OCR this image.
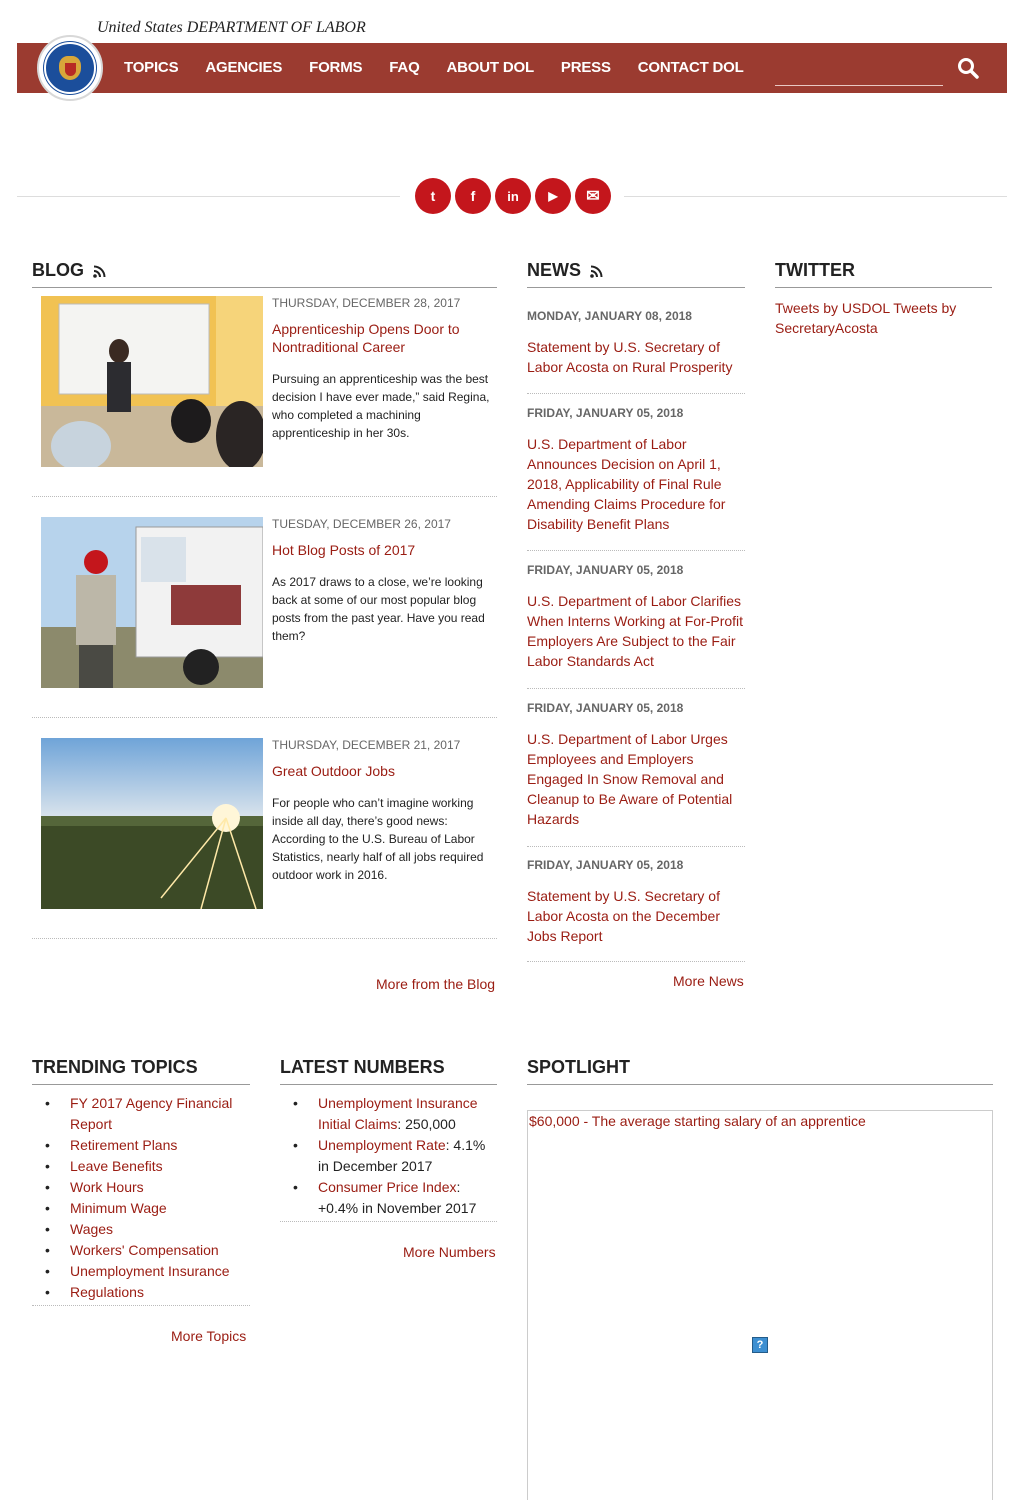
United States DEPARTMENT OF LABOR
TOPICS AGENCIES FORMS FAQ ABOUT DOL PRESS CONTACT DOL
t	f	in	▶	✉
BLOG
THURSDAY, DECEMBER 28, 2017
Apprenticeship Opens Door to Nontraditional Career
Pursuing an apprenticeship was the best decision I have ever made,” said Regina, who completed a machining apprenticeship in her 30s.
TUESDAY, DECEMBER 26, 2017
Hot Blog Posts of 2017
As 2017 draws to a close, we’re looking back at some of our most popular blog posts from the past year. Have you read them?
THURSDAY, DECEMBER 21, 2017
Great Outdoor Jobs
For people who can’t imagine working inside all day, there’s good news: According to the U.S. Bureau of Labor Statistics, nearly half of all jobs required outdoor work in 2016.
More from the Blog
NEWS
MONDAY, JANUARY 08, 2018
Statement by U.S. Secretary of Labor Acosta on Rural Prosperity
FRIDAY, JANUARY 05, 2018
U.S. Department of Labor Announces Decision on April 1, 2018, Applicability of Final Rule Amending Claims Procedure for Disability Benefit Plans
FRIDAY, JANUARY 05, 2018
U.S. Department of Labor Clarifies When Interns Working at For-Profit Employers Are Subject to the Fair Labor Standards Act
FRIDAY, JANUARY 05, 2018
U.S. Department of Labor Urges Employees and Employers Engaged In Snow Removal and Cleanup to Be Aware of Potential Hazards
FRIDAY, JANUARY 05, 2018
Statement by U.S. Secretary of Labor Acosta on the December Jobs Report
More News
TWITTER
Tweets by USDOL Tweets by SecretaryAcosta
TRENDING TOPICS
• FY 2017 Agency Financial Report
• Retirement Plans
• Leave Benefits
• Work Hours
• Minimum Wage
• Wages
• Workers' Compensation
• Unemployment Insurance
• Regulations
More Topics
LATEST NUMBERS
• Unemployment Insurance Initial Claims: 250,000
• Unemployment Rate: 4.1% in December 2017
• Consumer Price Index: +0.4% in November 2017
More Numbers
SPOTLIGHT
$60,000 - The average starting salary of an apprentice
?
